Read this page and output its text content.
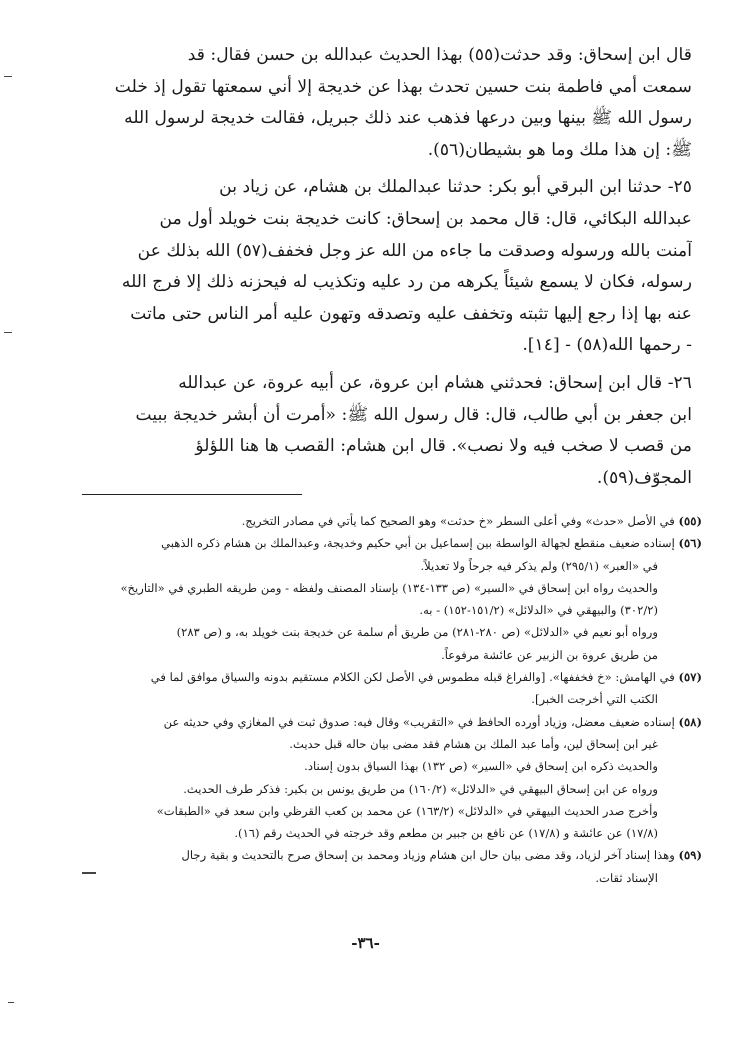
قال ابن إسحاق: وقد حدثت(٥٥) بهذا الحديث عبدالله بن حسن فقال: قد
سمعت أمي فاطمة بنت حسين تحدث بهذا عن خديجة إلا أني سمعتها تقول إذ خلت
رسول الله ﷺ بينها وبين درعها فذهب عند ذلك جبريل، فقالت خديجة لرسول الله
ﷺ: إن هذا ملك وما هو بشيطان(٥٦).

٢٥- حدثنا ابن البرقي أبو بكر: حدثنا عبدالملك بن هشام، عن زياد بن
عبدالله البكائي، قال: قال محمد بن إسحاق: كانت خديجة بنت خويلد أول من
آمنت بالله ورسوله وصدقت ما جاءه من الله عز وجل فخفف(٥٧) الله بذلك عن
رسوله، فكان لا يسمع شيئاً يكرهه من رد عليه وتكذيب له فيحزنه ذلك إلا فرج الله
عنه بها إذا رجع إليها تثبته وتخفف عليه وتصدقه وتهون عليه أمر الناس حتى ماتت
- رحمها الله(٥٨) - [١٤].

٢٦- قال ابن إسحاق: فحدثني هشام ابن عروة، عن أبيه عروة، عن عبدالله
ابن جعفر بن أبي طالب، قال: قال رسول الله ﷺ: «أمرت أن أبشر خديجة ببيت
من قصب لا صخب فيه ولا نصب». قال ابن هشام: القصب ها هنا اللؤلؤ
المجوّف(٥٩).

(٥٥) في الأصل «حدث» وفي أعلى السطر «خ حدثت» وهو الصحيح كما يأتي في مصادر التخريج.
(٥٦) إسناده ضعيف منقطع لجهالة الواسطة بين إسماعيل بن أبي حكيم وخديجة، وعبدالملك بن هشام ذكره الذهبي
في «العبر» (٢٩٥/١) ولم يذكر فيه جرحاً ولا تعديلاً.
والحديث رواه ابن إسحاق في «السير» (ص ١٣٣-١٣٤) بإسناد المصنف ولفظه - ومن طريقه الطبري في «التاريخ»
(٣٠٢/٢) والبيهقي في «الدلائل» (١٥١/٢-١٥٢) - به.
ورواه أبو نعيم في «الدلائل» (ص ٢٨٠-٢٨١) من طريق أم سلمة عن خديجة بنت خويلد به، و (ص ٢٨٣)
من طريق عروة بن الزبير عن عائشة مرفوعاً.
(٥٧) في الهامش: «خ فخففها». [والفراغ قبله مطموس في الأصل لكن الكلام مستقيم بدونه والسياق موافق لما في
الكتب التي أخرجت الخبر].
(٥٨) إسناده ضعيف معضل، وزياد أورده الحافظ في «التقريب» وقال فيه: صدوق ثبت في المغازي وفي حديثه عن
غير ابن إسحاق لين، وأما عبد الملك بن هشام فقد مضى بيان حاله قبل حديث.
والحديث ذكره ابن إسحاق في «السير» (ص ١٣٢) بهذا السياق بدون إسناد.
ورواه عن ابن إسحاق البيهقي في «الدلائل» (١٦٠/٢) من طريق يونس بن بكير: فذكر طرف الحديث.
وأخرج صدر الحديث البيهقي في «الدلائل» (١٦٣/٢) عن محمد بن كعب القرظي وابن سعد في «الطبقات»
(١٧/٨) عن عائشة و (١٧/٨) عن نافع بن جبير بن مطعم وقد خرجته في الحديث رقم (١٦).
(٥٩) وهذا إسناد آخر لزياد، وقد مضى بيان حال ابن هشام وزياد ومحمد بن إسحاق صرح بالتحديث و بقية رجال
الإسناد ثقات.
-٣٦-
